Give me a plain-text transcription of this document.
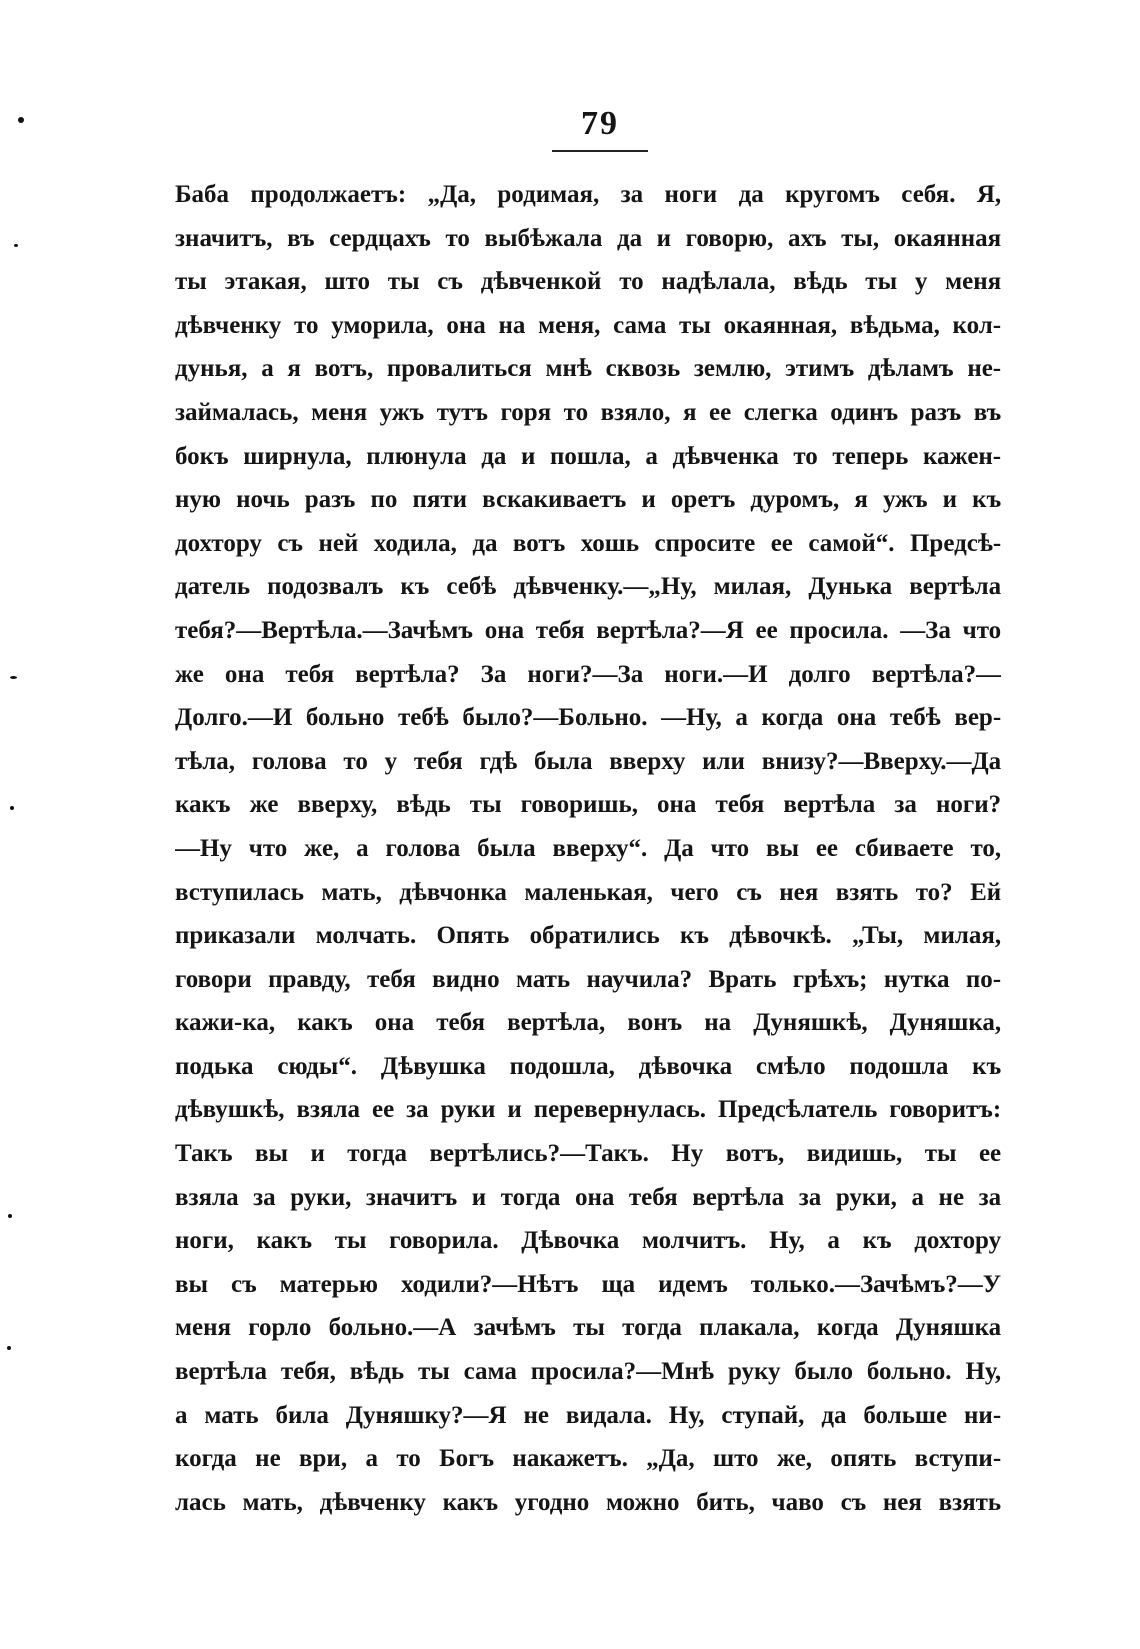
79
Баба продолжаетъ: „Да, родимая, за ноги да кругомъ себя. Я,
значитъ, въ сердцахъ то выбѣжала да и говорю, ахъ ты, окаянная
ты этакая, што ты съ дѣвченкой то надѣлала, вѣдь ты у меня
дѣвченку то уморила, она на меня, сама ты окаянная, вѣдьма, кол-
дунья, а я вотъ, провалиться мнѣ сквозь землю, этимъ дѣламъ не-
займалась, меня ужъ тутъ горя то взяло, я ее слегка одинъ разъ въ
бокъ ширнула, плюнула да и пошла, а дѣвченка то теперь кажен-
ную ночь разъ по пяти вскакиваетъ и оретъ дуромъ, я ужъ и къ
дохтору съ ней ходила, да вотъ хошь спросите ее самой“. Предсѣ-
датель подозвалъ къ себѣ дѣвченку.—„Ну, милая, Дунька вертѣла
тебя?—Вертѣла.—Зачѣмъ она тебя вертѣла?—Я ее просила. —За что
же она тебя вертѣла? За ноги?—За ноги.—И долго вертѣла?—
Долго.—И больно тебѣ было?—Больно. —Ну, а когда она тебѣ вер-
тѣла, голова то у тебя гдѣ была вверху или внизу?—Вверху.—Да
какъ же вверху, вѣдь ты говоришь, она тебя вертѣла за ноги?
—Ну что же, а голова была вверху“. Да что вы ее сбиваете то,
вступилась мать, дѣвчонка маленькая, чего съ нея взять то? Ей
приказали молчать. Опять обратились къ дѣвочкѣ. „Ты, милая,
говори правду, тебя видно мать научила? Врать грѣхъ; нутка по-
кажи-ка, какъ она тебя вертѣла, вонъ на Дуняшкѣ, Дуняшка,
подька сюды“. Дѣвушка подошла, дѣвочка смѣло подошла къ
дѣвушкѣ, взяла ее за руки и перевернулась. Предсѣлатель говоритъ:
Такъ вы и тогда вертѣлись?—Такъ. Ну вотъ, видишь, ты ее
взяла за руки, значитъ и тогда она тебя вертѣла за руки, а не за
ноги, какъ ты говорила. Дѣвочка молчитъ. Ну, а къ дохтору
вы съ матерью ходили?—Нѣтъ ща идемъ только.—Зачѣмъ?—У
меня горло больно.—А зачѣмъ ты тогда плакала, когда Дуняшка
вертѣла тебя, вѣдь ты сама просила?—Мнѣ руку было больно. Ну,
а мать била Дуняшку?—Я не видала. Ну, ступай, да больше ни-
когда не ври, а то Богъ накажетъ. „Да, што же, опять вступи-
лась мать, дѣвченку какъ угодно можно бить, чаво съ нея взять
